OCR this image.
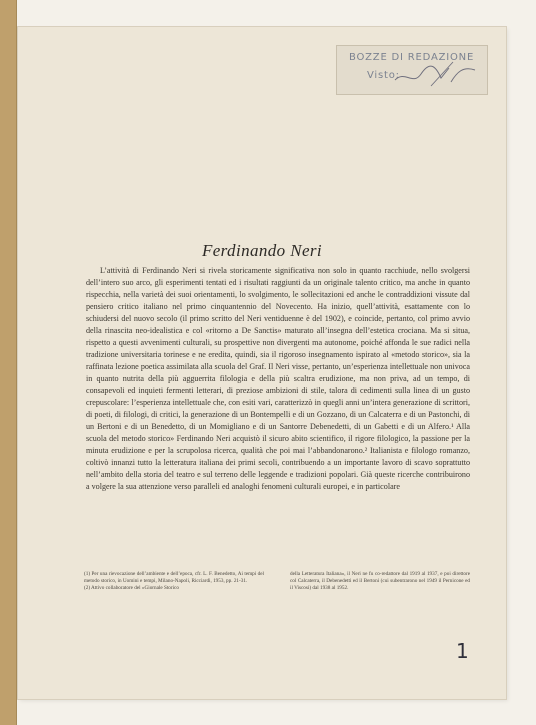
BOZZE DI REDAZIONE
Visto:
Ferdinando Neri

L’attività di Ferdinando Neri si rivela storicamente significativa non solo in quanto racchiude, nello svolgersi dell’intero suo arco, gli esperimenti tentati ed i risultati raggiunti da un originale talento critico, ma anche in quanto rispecchia, nella varietà dei suoi orientamenti, lo svolgimento, le sollecitazioni ed anche le contraddizioni vissute dal pensiero critico italiano nel primo cinquantennio del Novecento. Ha inizio, quell’attività, esattamente con lo schiudersi del nuovo secolo (il primo scritto del Neri ventiduenne è del 1902), e coincide, pertanto, col primo avvio della rinascita neo-idealistica e col «ritorno a De Sanctis» maturato all’insegna dell’estetica crociana. Ma si situa, rispetto a questi avvenimenti culturali, su prospettive non divergenti ma autonome, poiché affonda le sue radici nella tradizione universitaria torinese e ne eredita, quindi, sia il rigoroso insegnamento ispirato al «metodo storico», sia la raffinata lezione poetica assimilata alla scuola del Graf. Il Neri visse, pertanto, un’esperienza intellettuale non univoca in quanto nutrita della più agguerrita filologia e della più scaltra erudizione, ma non priva, ad un tempo, di consapevoli ed inquieti fermenti letterari, di preziose ambizioni di stile, talora di cedimenti sulla linea di un gusto crepuscolare: l’esperienza intellettuale che, con esiti vari, caratterizzò in quegli anni un’intera generazione di scrittori, di poeti, di filologi, di critici, la generazione di un Bontempelli e di un Gozzano, di un Calcaterra e di un Pastonchi, di un Bertoni e di un Benedetto, di un Momigliano e di un Santorre Debenedetti, di un Gabetti e di un Alfero.¹ Alla scuola del metodo storico» Ferdinando Neri acquistò il sicuro abito scientifico, il rigore filologico, la passione per la minuta erudizione e per la scrupolosa ricerca, qualità che poi mai l’abbandonarono.² Italianista e filologo romanzo, coltivò innanzi tutto la letteratura italiana dei primi secoli, contribuendo a un importante lavoro di scavo soprattutto nell’ambito della storia del teatro e sul terreno delle leggende e tradizioni popolari. Già queste ricerche contribuirono a volgere la sua attenzione verso paralleli ed analoghi fenomeni culturali europei, e in particolare

(1) Per una rievocazione dell’ambiente e dell’epoca, cfr. L. F. Benedetto, Ai tempi del metodo storico, in Uomini e tempi, Milano-Napoli, Ricciardi, 1953, pp. 21-31.

(2) Attivo collaboratore del «Giornale Storico

della Letteratura Italiana», il Neri ne fu co-redattore dal 1919 al 1937, e poi direttore col Calcaterra, il Debenedetti ed il Bertoni (cui subentrarono nel 1949 il Pernicone ed il Viscosi) dal 1938 al 1952.

1
